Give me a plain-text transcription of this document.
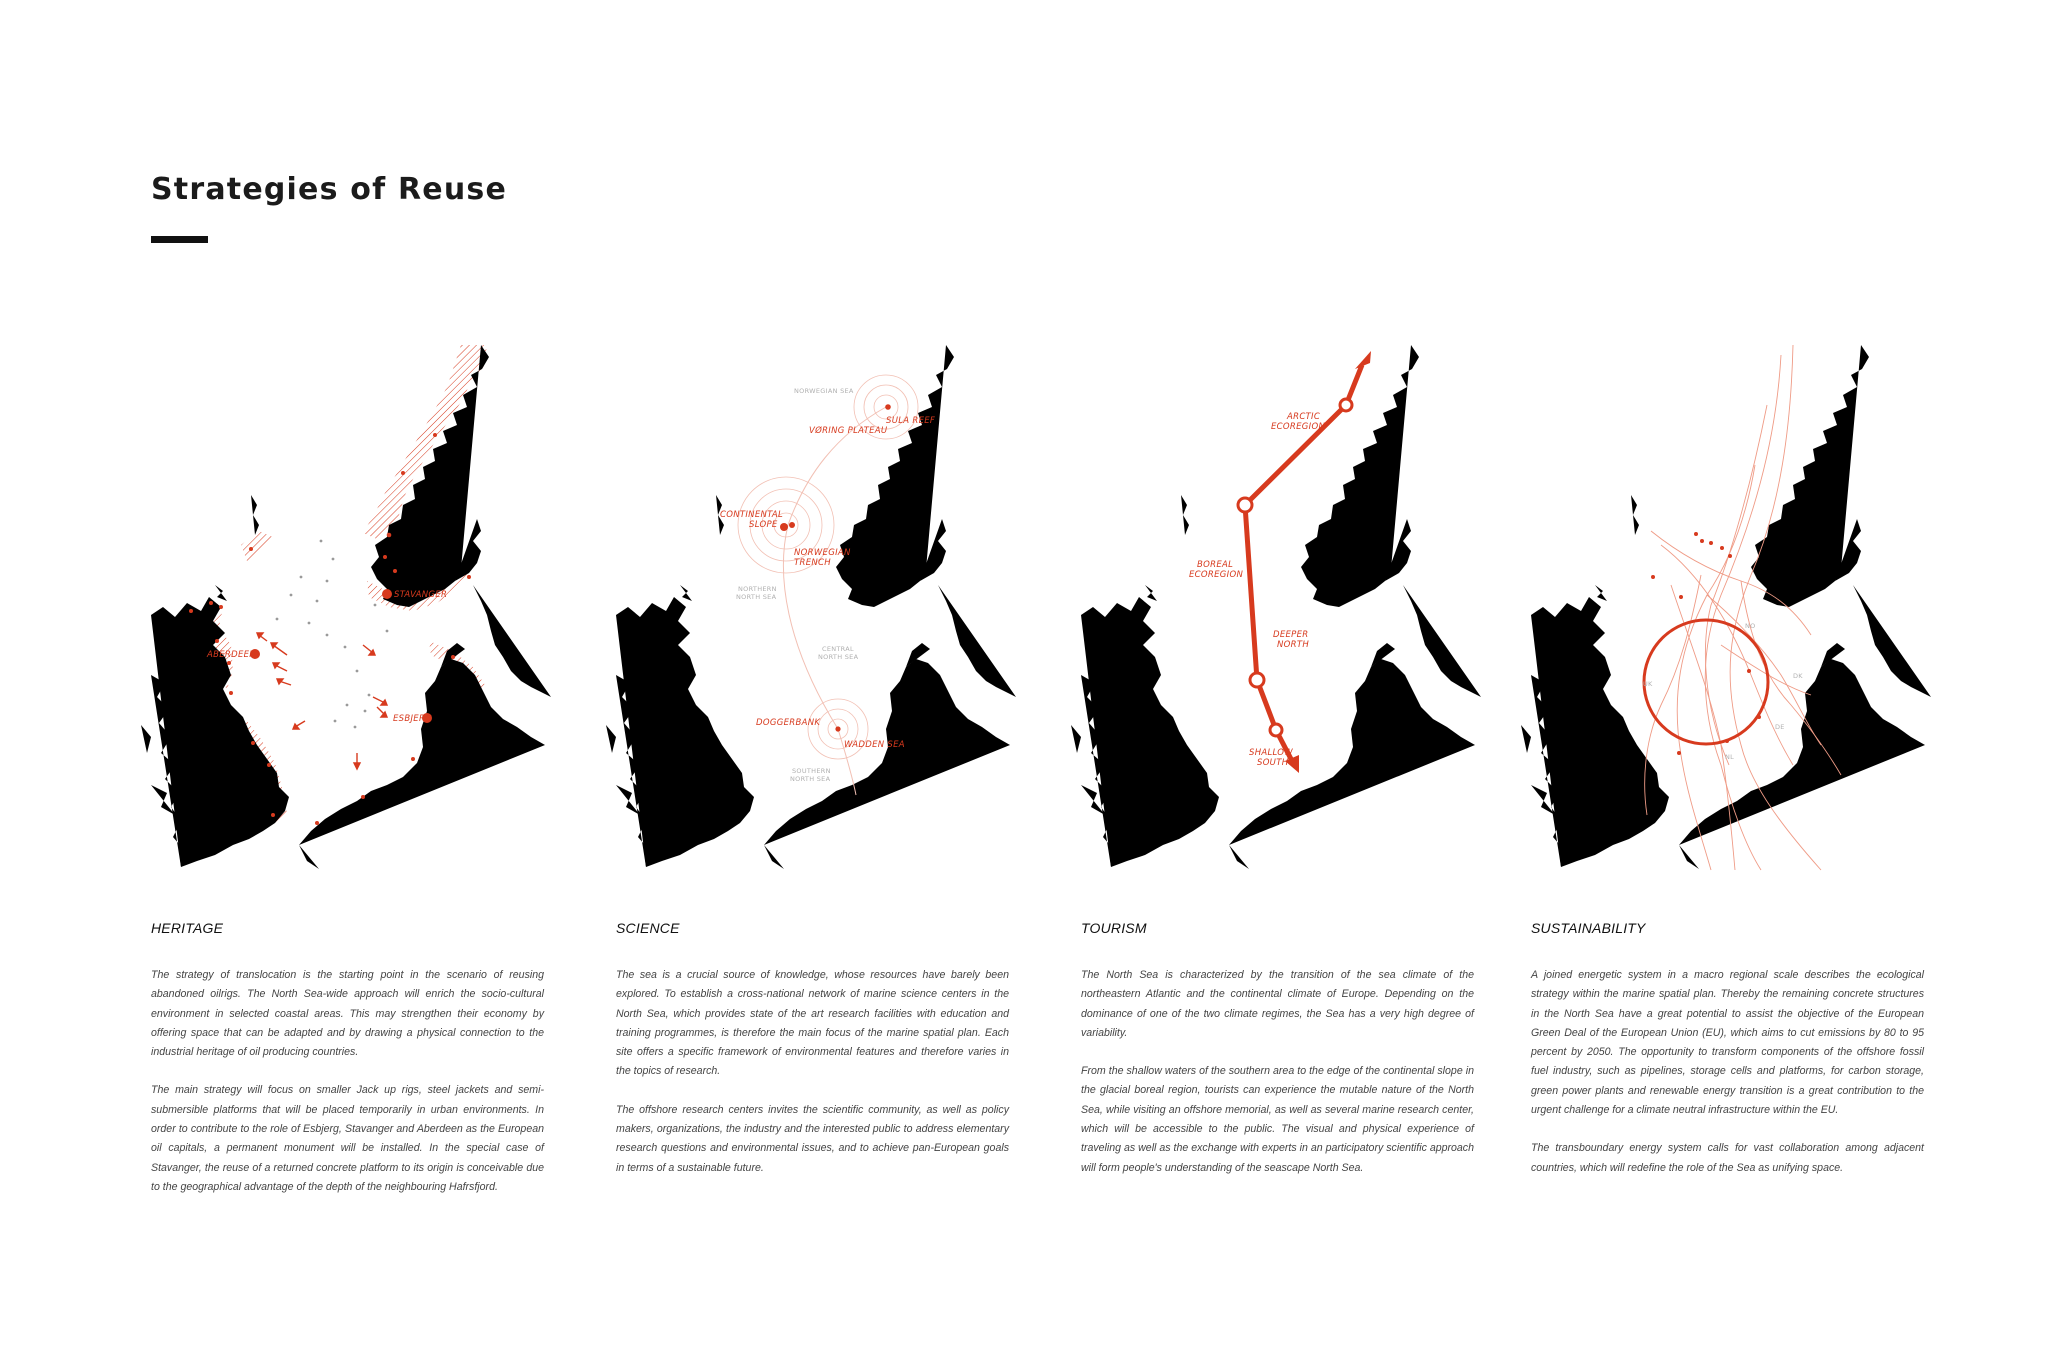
Strategies of Reuse
STAVANGER
ABERDEEN
ESBJERG
NORWEGIAN SEA
SULA REEF
VØRING PLATEAU
CONTINENTAL
SLOPE
NORWEGIAN
TRENCH
NORTHERN
NORTH SEA
CENTRAL
NORTH SEA
DOGGERBANK
WADDEN SEA
SOUTHERN
NORTH SEA
ARCTIC
ECOREGION
BOREAL
ECOREGION
DEEPER
NORTH
SHALLOW
SOUTH
NO
DK
UK
DE
NL
HERITAGE

The strategy of translocation is the starting point in the scenario of reusing abandoned oilrigs. The North Sea-wide approach will enrich the socio-cultural environment in selected coastal areas. This may strengthen their economy by offering space that can be adapted and by drawing a physical connection to the industrial heritage of oil producing countries.

The main strategy will focus on smaller Jack up rigs, steel jackets and semi-submersible platforms that will be placed temporarily in urban environments. In order to contribute to the role of Esbjerg, Stavanger and Aberdeen as the European oil capitals, a permanent monument will be installed. In the special case of Stavanger, the reuse of a returned concrete platform to its origin is conceivable due to the geographical advantage of the depth of the neighbouring Hafrsfjord.

SCIENCE

The sea is a crucial source of knowledge, whose resources have barely been explored. To establish a cross-national network of marine science centers in the North Sea, which provides state of the art research facilities with education and training programmes, is therefore the main focus of the marine spatial plan. Each site offers a specific framework of environmental features and therefore varies in the topics of research.

The offshore research centers invites the scientific community, as well as policy makers, organizations, the industry and the interested public to address elementary research questions and environmental issues, and to achieve pan-European goals in terms of a sustainable future.

TOURISM

The North Sea is characterized by the transition of the sea climate of the northeastern Atlantic and the continental climate of Europe. Depending on the dominance of one of the two climate regimes, the Sea has a very high degree of variability.

From the shallow waters of the southern area to the edge of the continental slope in the glacial boreal region, tourists can experience the mutable nature of the North Sea, while visiting an offshore memorial, as well as several marine research center, which will be accessible to the public. The visual and physical experience of traveling as well as the exchange with experts in an participatory scientific approach will form people's understanding of the seascape North Sea.

SUSTAINABILITY

A joined energetic system in a macro regional scale describes the ecological strategy within the marine spatial plan. Thereby the remaining concrete structures in the North Sea have a great potential to assist the objective of the European Green Deal of the European Union (EU), which aims to cut emissions by 80 to 95 percent by 2050. The opportunity to transform components of the offshore fossil fuel industry, such as pipelines, storage cells and platforms, for carbon storage, green power plants and renewable energy transition is a great contribution to the urgent challenge for a climate neutral infrastructure within the EU.

The transboundary energy system calls for vast collaboration among adjacent countries, which will redefine the role of the Sea as unifying space.
